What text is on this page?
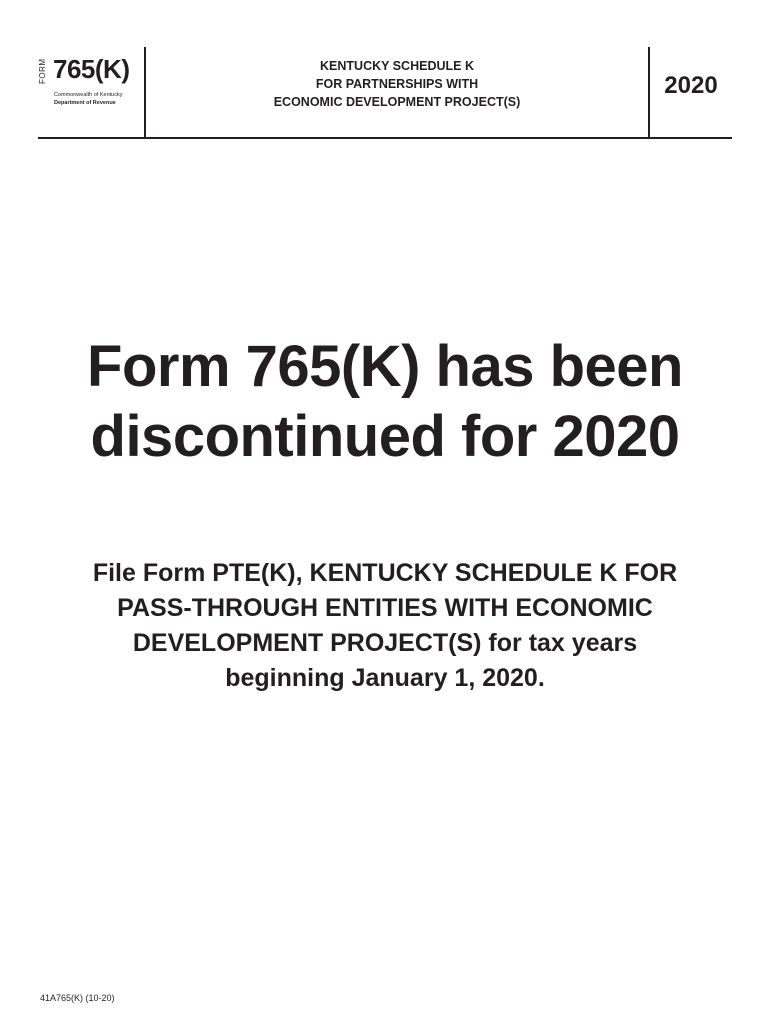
FORM 765(K)
Commonwealth of Kentucky
Department of Revenue
KENTUCKY SCHEDULE K
FOR PARTNERSHIPS WITH
ECONOMIC DEVELOPMENT PROJECT(S)
2020
Form 765(K) has been
discontinued for 2020
File Form PTE(K), KENTUCKY SCHEDULE K FOR
PASS-THROUGH ENTITIES WITH ECONOMIC
DEVELOPMENT PROJECT(S) for tax years
beginning January 1, 2020.
41A765(K) (10-20)
